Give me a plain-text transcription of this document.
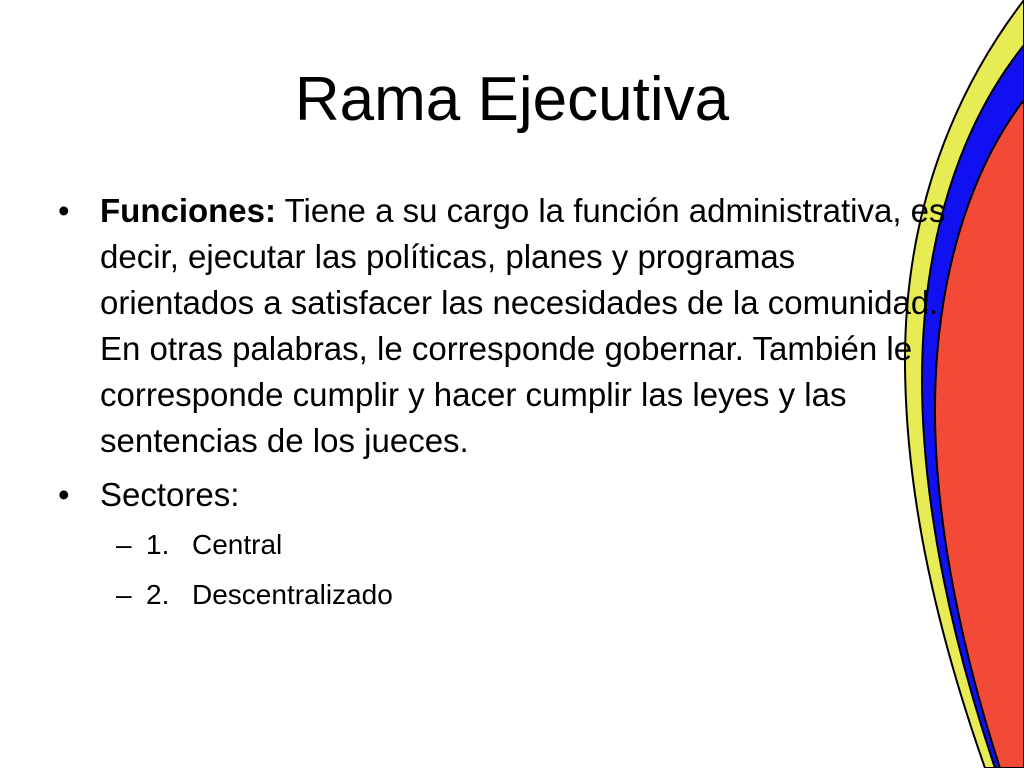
Rama Ejecutiva
• Funciones: Tiene a su cargo la función administrativa, es decir, ejecutar las políticas, planes y programas orientados a satisfacer las necesidades de la comunidad. En otras palabras, le corresponde gobernar. También le corresponde cumplir y hacer cumplir las leyes y las sentencias de los jueces.
• Sectores:
– 1. Central
– 2. Descentralizado
